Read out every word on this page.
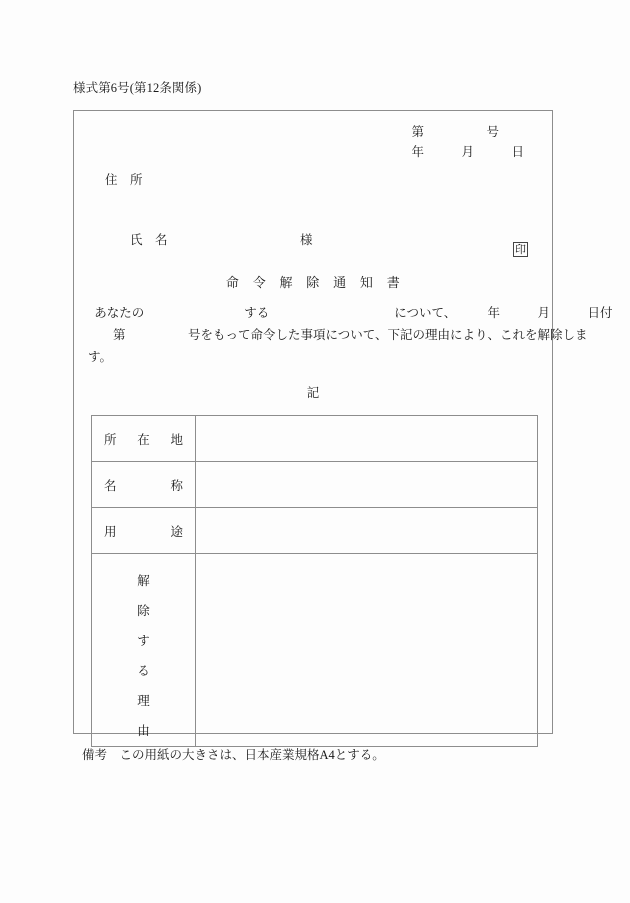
様式第6号(第12条関係)
第　　　　　号
年　　　月　　　日
住　所

氏　名	様

印
命　令　解　除　通　知　書
あなたの　　　　　　　　する　　　　　　　　　　について、　　　年　　　月　　　日付
　　第　　　　　号をもって命令した事項について、下記の理由により、これを解除しま
す。
記
所 在 地	

名 称	

用 途	

解
除
す
る
理
由

備考　この用紙の大きさは、日本産業規格A4とする。
